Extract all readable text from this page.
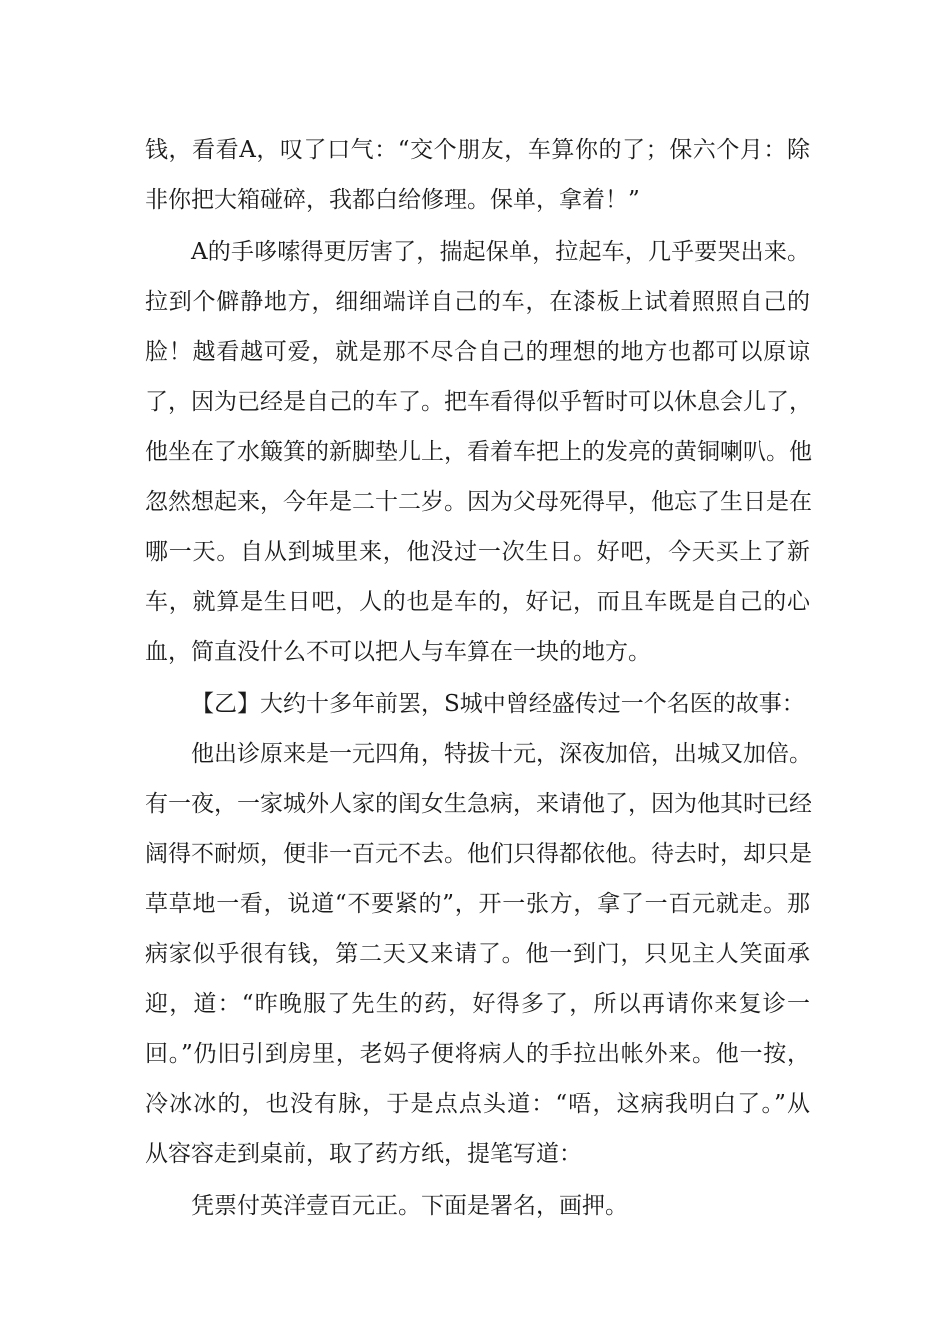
钱，看看A，叹了口气：“交个朋友，车算你的了；保六个月：除
非你把大箱碰碎，我都白给修理。保单，拿着！”
A的手哆嗦得更厉害了，揣起保单，拉起车，几乎要哭出来。
拉到个僻静地方，细细端详自己的车，在漆板上试着照照自己的
脸！越看越可爱，就是那不尽合自己的理想的地方也都可以原谅
了，因为已经是自己的车了。把车看得似乎暂时可以休息会儿了，
他坐在了水簸箕的新脚垫儿上，看着车把上的发亮的黄铜喇叭。他
忽然想起来，今年是二十二岁。因为父母死得早，他忘了生日是在
哪一天。自从到城里来，他没过一次生日。好吧，今天买上了新
车，就算是生日吧，人的也是车的，好记，而且车既是自己的心
血，简直没什么不可以把人与车算在一块的地方。
【乙】大约十多年前罢，S城中曾经盛传过一个名医的故事：
他出诊原来是一元四角，特拔十元，深夜加倍，出城又加倍。
有一夜，一家城外人家的闺女生急病，来请他了，因为他其时已经
阔得不耐烦，便非一百元不去。他们只得都依他。待去时，却只是
草草地一看，说道“不要紧的”，开一张方，拿了一百元就走。那
病家似乎很有钱，第二天又来请了。他一到门，只见主人笑面承
迎，道：“昨晚服了先生的药，好得多了，所以再请你来复诊一
回。”仍旧引到房里，老妈子便将病人的手拉出帐外来。他一按，
冷冰冰的，也没有脉，于是点点头道：“唔，这病我明白了。”从
从容容走到桌前，取了药方纸，提笔写道：
凭票付英洋壹百元正。下面是署名，画押。
